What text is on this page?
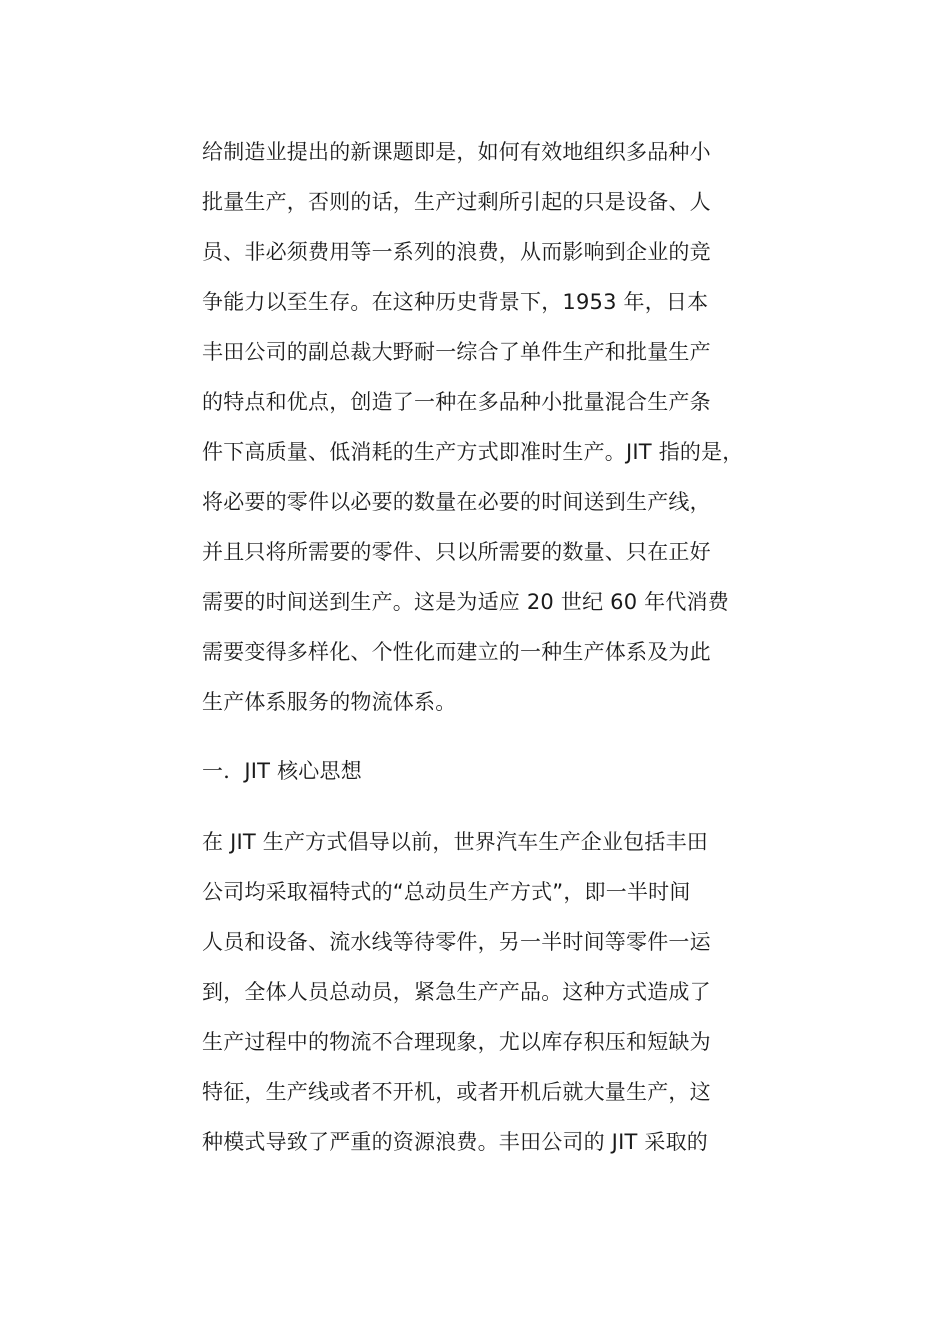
给制造业提出的新课题即是，如何有效地组织多品种小
批量生产，否则的话，生产过剩所引起的只是设备、人
员、非必须费用等一系列的浪费，从而影响到企业的竞
争能力以至生存。在这种历史背景下，1953 年，日本
丰田公司的副总裁大野耐一综合了单件生产和批量生产
的特点和优点，创造了一种在多品种小批量混合生产条
件下高质量、低消耗的生产方式即准时生产。JIT 指的是，
将必要的零件以必要的数量在必要的时间送到生产线，
并且只将所需要的零件、只以所需要的数量、只在正好
需要的时间送到生产。这是为适应 20 世纪 60 年代消费
需要变得多样化、个性化而建立的一种生产体系及为此
生产体系服务的物流体系。
一．JIT 核心思想
在 JIT 生产方式倡导以前，世界汽车生产企业包括丰田
公司均采取福特式的“总动员生产方式”，即一半时间
人员和设备、流水线等待零件，另一半时间等零件一运
到，全体人员总动员，紧急生产产品。这种方式造成了
生产过程中的物流不合理现象，尤以库存积压和短缺为
特征，生产线或者不开机，或者开机后就大量生产，这
种模式导致了严重的资源浪费。丰田公司的 JIT 采取的
